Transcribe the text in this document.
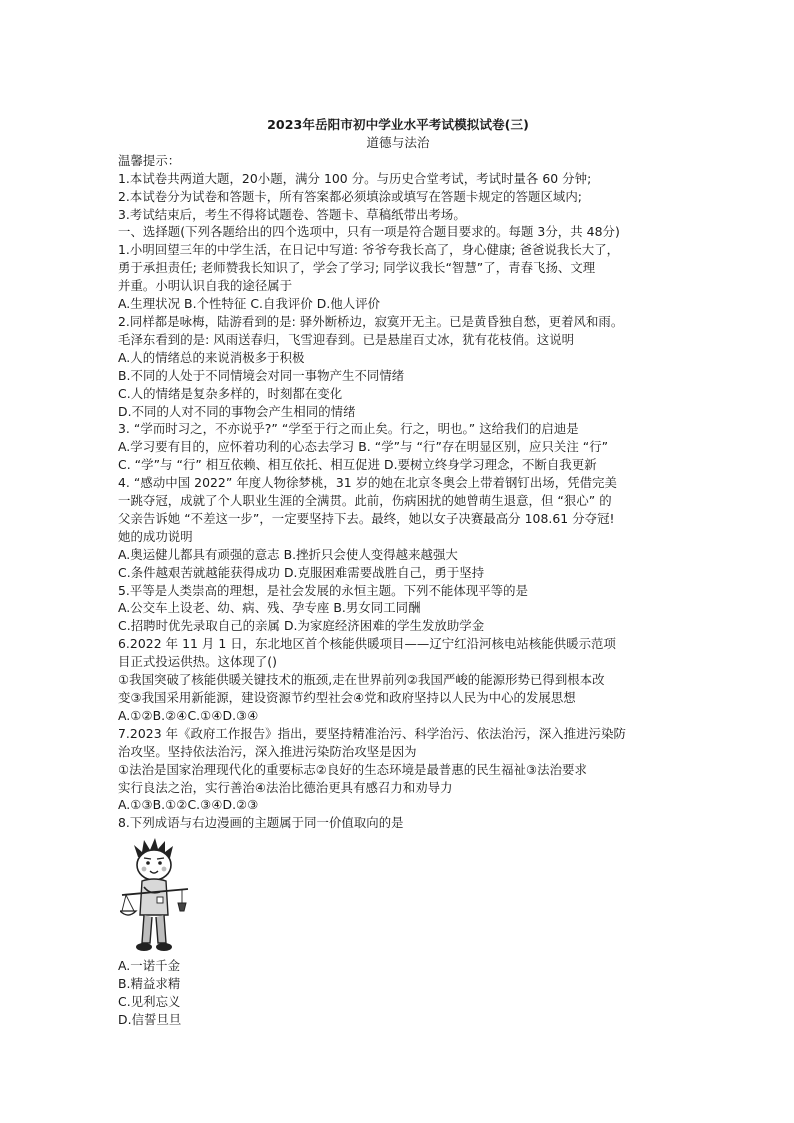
2023年岳阳市初中学业水平考试模拟试卷(三)
道德与法治
温馨提示：
1.本试卷共两道大题，20小题，满分 100 分。与历史合堂考试，考试时量各 60 分钟;
2.本试卷分为试卷和答题卡，所有答案都必须填涂或填写在答题卡规定的答题区域内;
3.考试结束后，考生不得将试题卷、答题卡、草稿纸带出考场。
一、选择题(下列各题给出的四个选项中，只有一项是符合题目要求的。每题 3分，共 48分)
1.小明回望三年的中学生活，在日记中写道: 爷爷夸我长高了，身心健康; 爸爸说我长大了，
勇于承担责任; 老师赞我长知识了，学会了学习; 同学议我长“智慧”了，青春飞扬、文理
并重。小明认识自我的途径属于
A.生理状况 B.个性特征 C.自我评价 D.他人评价
2.同样都是咏梅，陆游看到的是: 驿外断桥边，寂寞开无主。已是黄昏独自愁，更着风和雨。
毛泽东看到的是: 风雨送春归，飞雪迎春到。已是悬崖百丈冰，犹有花枝俏。这说明
A.人的情绪总的来说消极多于积极
B.不同的人处于不同情境会对同一事物产生不同情绪
C.人的情绪是复杂多样的，时刻都在变化
D.不同的人对不同的事物会产生相同的情绪
3. “学而时习之，不亦说乎?” “学至于行之而止矣。行之，明也。” 这给我们的启迪是
A.学习要有目的，应怀着功利的心态去学习 B. “学”与 “行”存在明显区别，应只关注 “行”
C. “学”与 “行” 相互依赖、相互依托、相互促进 D.要树立终身学习理念，不断自我更新
4. “感动中国 2022” 年度人物徐梦桃，31 岁的她在北京冬奥会上带着钢钉出场，凭借完美
一跳夺冠，成就了个人职业生涯的全满贯。此前，伤病困扰的她曾萌生退意，但 “狠心” 的
父亲告诉她 “不差这一步”，一定要坚持下去。最终，她以女子决赛最高分 108.61 分夺冠!
她的成功说明
A.奥运健儿都具有顽强的意志 B.挫折只会使人变得越来越强大
C.条件越艰苦就越能获得成功 D.克服困难需要战胜自己，勇于坚持
5.平等是人类崇高的理想，是社会发展的永恒主题。下列不能体现平等的是
A.公交车上设老、幼、病、残、孕专座 B.男女同工同酬
C.招聘时优先录取自己的亲属 D.为家庭经济困难的学生发放助学金
6.2022 年 11 月 1 日，东北地区首个核能供暖项目——辽宁红沿河核电站核能供暖示范项
目正式投运供热。这体现了()
①我国突破了核能供暖关键技术的瓶颈,走在世界前列②我国严峻的能源形势已得到根本改
变③我国采用新能源，建设资源节约型社会④党和政府坚持以人民为中心的发展思想
A.①②B.②④C.①④D.③④
7.2023 年《政府工作报告》指出，要坚持精准治污、科学治污、依法治污，深入推进污染防
治攻坚。坚持依法治污，深入推进污染防治攻坚是因为
①法治是国家治理现代化的重要标志②良好的生态环境是最普惠的民生福祉③法治要求
实行良法之治，实行善治④法治比德治更具有感召力和劝导力
A.①③B.①②C.③④D.②③
8.下列成语与右边漫画的主题属于同一价值取向的是
A.一诺千金
B.精益求精
C.见利忘义
D.信誓旦旦
